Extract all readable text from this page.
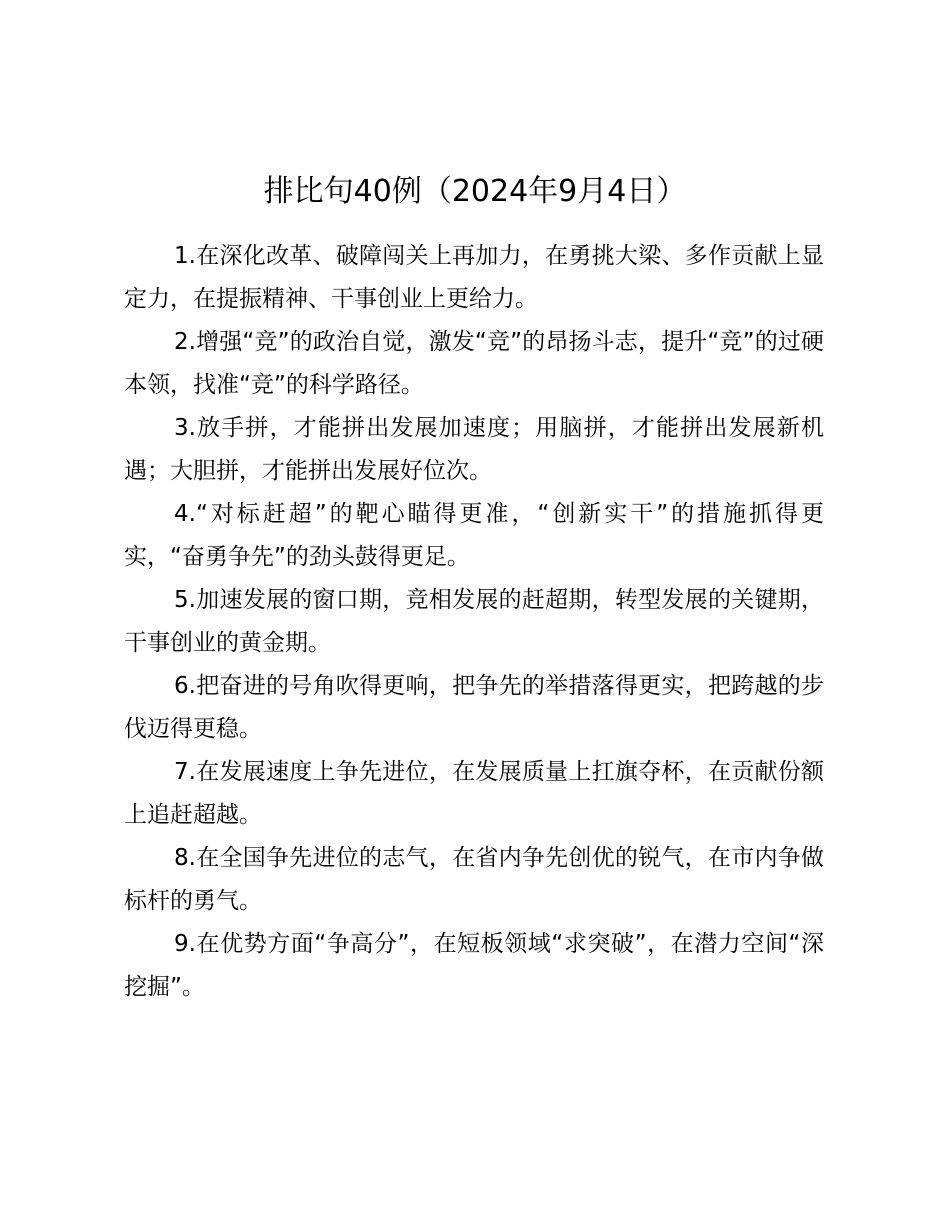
排比句40例（2024年9月4日）

1.在深化改革、破障闯关上再加力，在勇挑大梁、多作贡献上显定力，在提振精神、干事创业上更给力。

2.增强“竞”的政治自觉，激发“竞”的昂扬斗志，提升“竞”的过硬本领，找准“竞”的科学路径。

3.放手拼，才能拼出发展加速度；用脑拼，才能拼出发展新机遇；大胆拼，才能拼出发展好位次。

4.“对标赶超”的靶心瞄得更准，“创新实干”的措施抓得更实，“奋勇争先”的劲头鼓得更足。

5.加速发展的窗口期，竞相发展的赶超期，转型发展的关键期，干事创业的黄金期。

6.把奋进的号角吹得更响，把争先的举措落得更实，把跨越的步伐迈得更稳。

7.在发展速度上争先进位，在发展质量上扛旗夺杯，在贡献份额上追赶超越。

8.在全国争先进位的志气，在省内争先创优的锐气，在市内争做标杆的勇气。

9.在优势方面“争高分”，在短板领域“求突破”，在潜力空间“深挖掘”。
